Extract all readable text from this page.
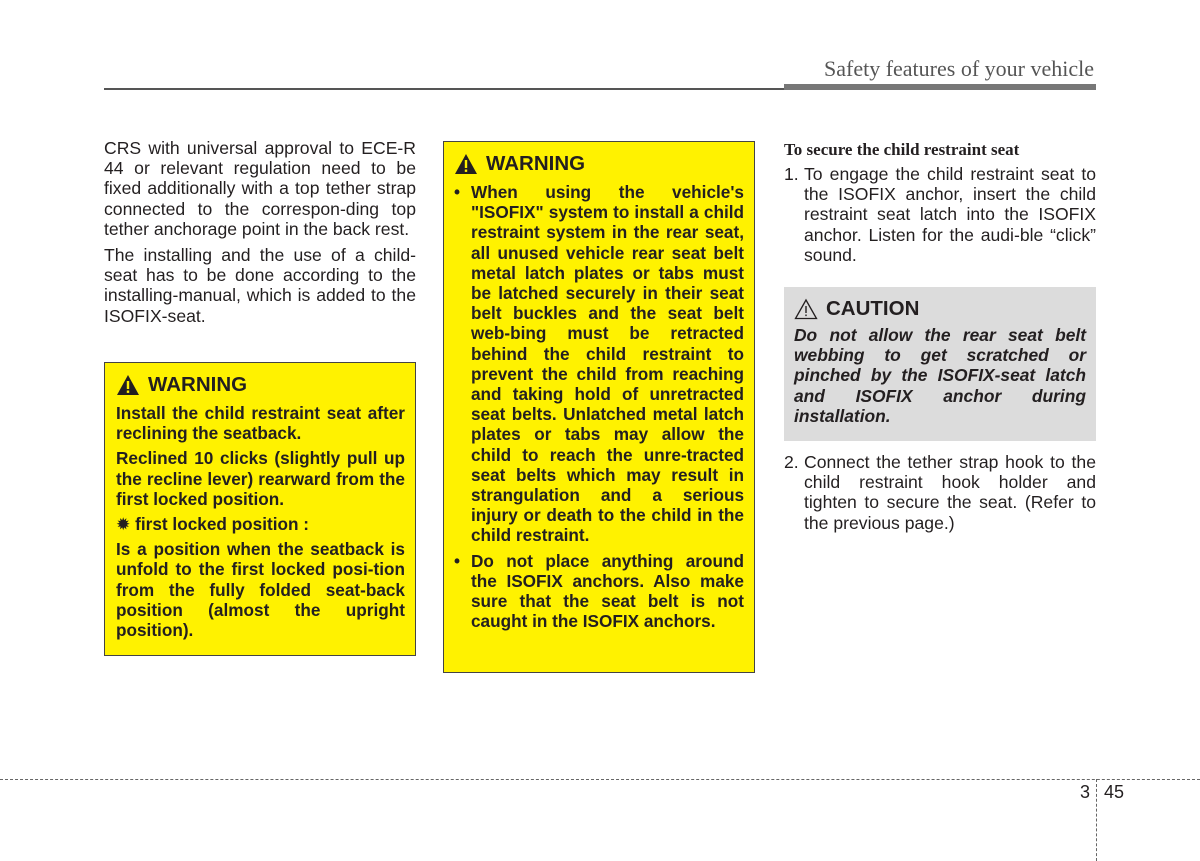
Safety features of your vehicle

CRS with universal approval to ECE-R 44 or relevant regulation need to be fixed additionally with a top tether strap connected to the correspon-ding top tether anchorage point in the back rest.

The installing and the use of a child-seat has to be done according to the installing-manual, which is added to the ISOFIX-seat.

WARNING

Install the child restraint seat after reclining the seatback.

Reclined 10 clicks (slightly pull up the recline lever) rearward from the first locked position.

✹ first locked position :

Is a position when the seatback is unfold to the first locked posi-tion from the fully folded seat-back position (almost the upright position).

WARNING
• When using the vehicle's "ISOFIX" system to install a child restraint system in the rear seat, all unused vehicle rear seat belt metal latch plates or tabs must be latched securely in their seat belt buckles and the seat belt web-bing must be retracted behind the child restraint to prevent the child from reaching and taking hold of unretracted seat belts. Unlatched metal latch plates or tabs may allow the child to reach the unre-tracted seat belts which may result in strangulation and a serious injury or death to the child in the child restraint.
• Do not place anything around the ISOFIX anchors. Also make sure that the seat belt is not caught in the ISOFIX anchors.
To secure the child restraint seat
1. To engage the child restraint seat to the ISOFIX anchor, insert the child restraint seat latch into the ISOFIX anchor. Listen for the audi-ble “click” sound.
CAUTION

Do not allow the rear seat belt webbing to get scratched or pinched by the ISOFIX-seat latch and ISOFIX anchor during installation.

2. Connect the tether strap hook to the child restraint hook holder and tighten to secure the seat. (Refer to the previous page.)
3 45
